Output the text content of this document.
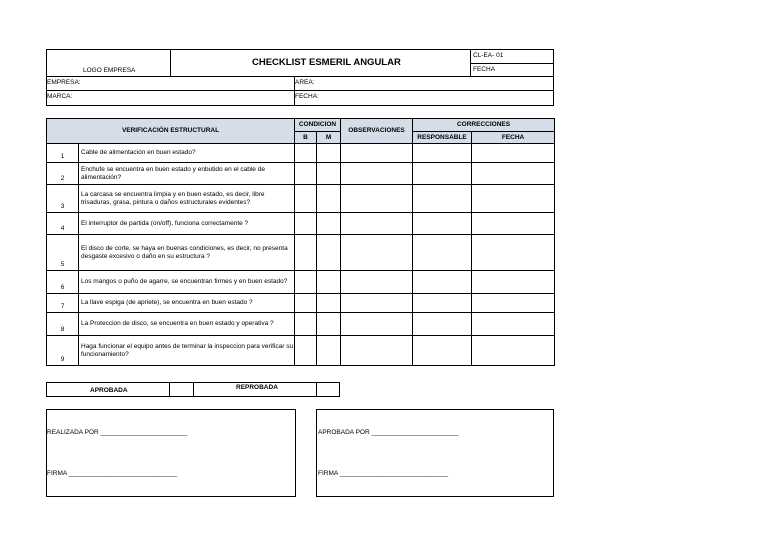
LOGO EMPRESA
CHECKLIST ESMERIL ANGULAR
CL-EA- 01
FECHA
EMPRESA:	AREA:
MARCA:	FECHA:
VERIFICACIÓN ESTRUCTURAL		CONDICION		OBSERVACIONES	CORRECCIONES	
		B	M		RESPONSABLE	FECHA
1	Cable de alimentación en buen estado?					
2	Enchufe se encuentra en buen estado y enbutido en el cable de alimentación?					
3	La carcasa se encuentra limpia y en buen estado, es decir, libre trisaduras, grasa, pintura o daños estructurales evidentes?					
4	El interruptor de partida (on/off), funciona correctamente ?					
5	El disco de corte, se haya en buenas condiciones, es decir, no presenta desgaste excesivo o daño en su estructura ?					
6	Los mangos o puño de agarre, se encuentran firmes y en buen estado?					
7	La llave espiga (de apriete), se encuentra en buen estado ?					
8	La Proteccion de disco, se encuentra en buen estado y operativa ?					
9	Haga funcionar el equipo antes de terminar la inspeccion para verificar su funcionamiento?					
APROBADA	REPROBADA
REALIZADA POR ________________________
FIRMA ______________________________
APROBADA POR ________________________
FIRMA ______________________________
